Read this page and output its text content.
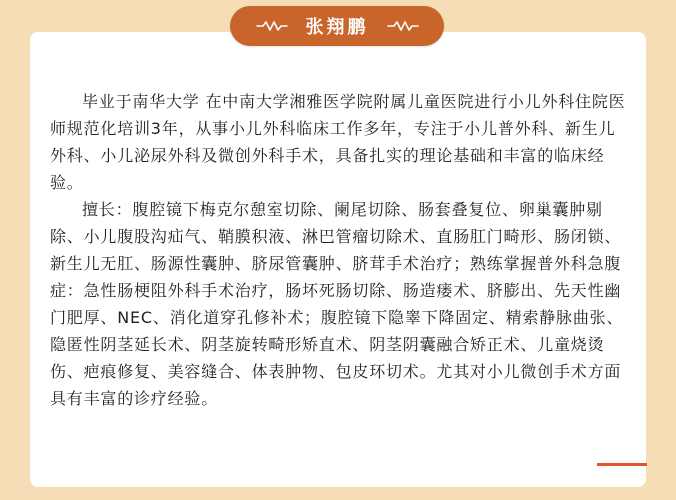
毕业于南华大学 在中南大学湘雅医学院附属儿童医院进行小儿外科住院医师规范化培训3年，从事小儿外科临床工作多年，专注于小儿普外科、新生儿外科、小儿泌尿外科及微创外科手术，具备扎实的理论基础和丰富的临床经验。

擅长：腹腔镜下梅克尔憩室切除、阑尾切除、肠套叠复位、卵巢囊肿剔除、小儿腹股沟疝气、鞘膜积液、淋巴管瘤切除术、直肠肛门畸形、肠闭锁、新生儿无肛、肠源性囊肿、脐尿管囊肿、脐茸手术治疗；熟练掌握普外科急腹症：急性肠梗阻外科手术治疗，肠坏死肠切除、肠造瘘术、脐膨出、先天性幽门肥厚、NEC、消化道穿孔修补术；腹腔镜下隐睾下降固定、精索静脉曲张、隐匿性阴茎延长术、阴茎旋转畸形矫直术、阴茎阴囊融合矫正术、儿童烧烫伤、疤痕修复、美容缝合、体表肿物、包皮环切术。尤其对小儿微创手术方面具有丰富的诊疗经验。

张翔鹏
